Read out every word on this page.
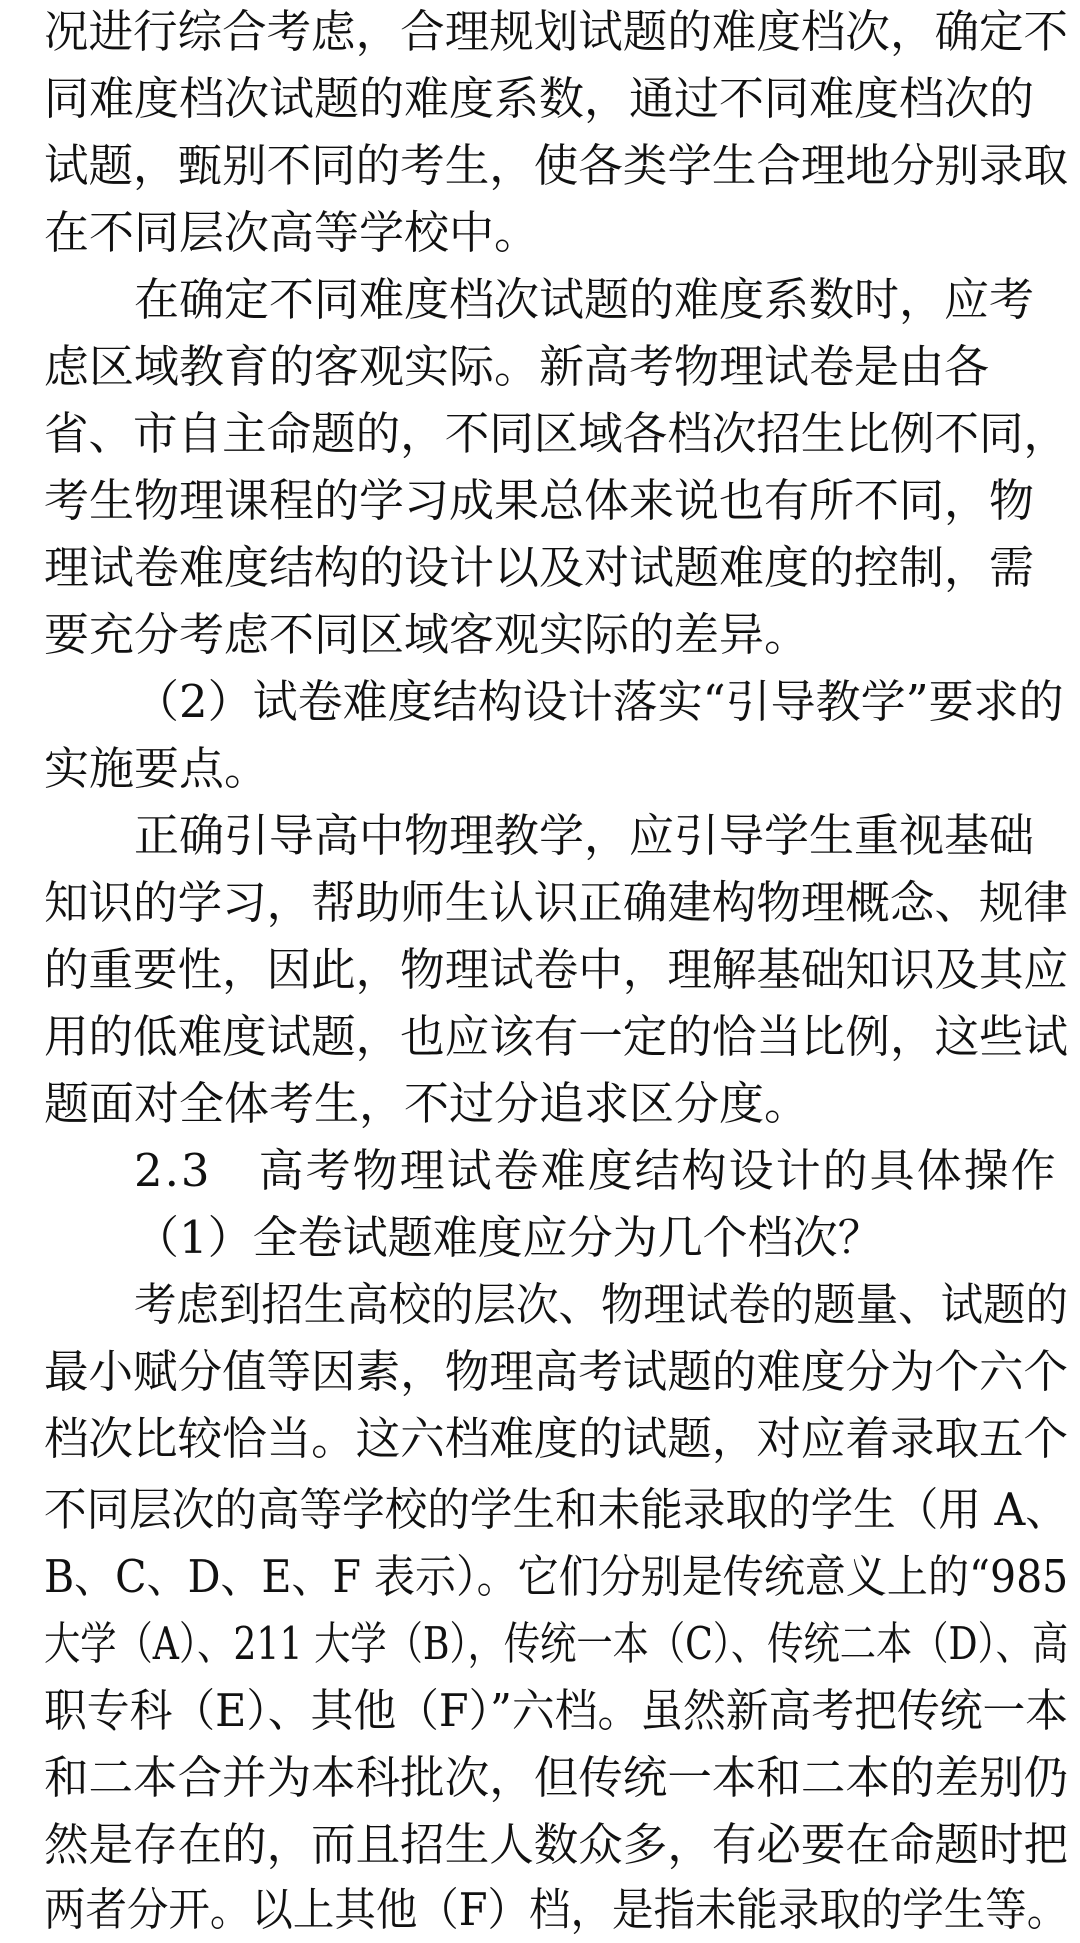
况进行综合考虑，合理规划试题的难度档次，确定不
同难度档次试题的难度系数，通过不同难度档次的
试题，甄别不同的考生，使各类学生合理地分别录取
在不同层次高等学校中。
在确定不同难度档次试题的难度系数时，应考
虑区域教育的客观实际。新高考物理试卷是由各
省、市自主命题的，不同区域各档次招生比例不同，
考生物理课程的学习成果总体来说也有所不同，物
理试卷难度结构的设计以及对试题难度的控制，需
要充分考虑不同区域客观实际的差异。
（2）试卷难度结构设计落实“引导教学”要求的
实施要点。
正确引导高中物理教学，应引导学生重视基础
知识的学习，帮助师生认识正确建构物理概念、规律
的重要性，因此，物理试卷中，理解基础知识及其应
用的低难度试题，也应该有一定的恰当比例，这些试
题面对全体考生，不过分追求区分度。
2.3　高考物理试卷难度结构设计的具体操作
（1）全卷试题难度应分为几个档次？
考虑到招生高校的层次、物理试卷的题量、试题的
最小赋分值等因素，物理高考试题的难度分为个六个
档次比较恰当。这六档难度的试题，对应着录取五个
不同层次的高等学校的学生和未能录取的学生（用 A、
B、C、D、E、F 表示）。它们分别是传统意义上的“985
大学（A）、211 大学（B），传统一本（C）、传统二本（D）、高
职专科（E）、其他（F）”六档。虽然新高考把传统一本
和二本合并为本科批次，但传统一本和二本的差别仍
然是存在的，而且招生人数众多，有必要在命题时把
两者分开。以上其他（F）档，是指未能录取的学生等。
